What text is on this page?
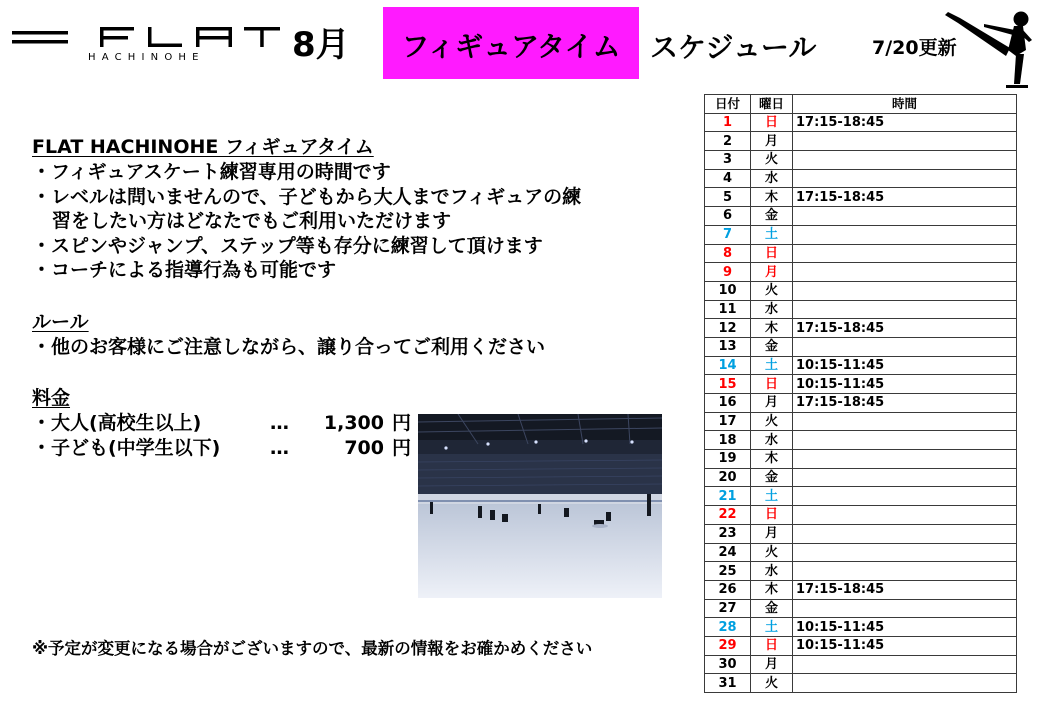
HACHINOHE	8月	フィギュアタイム	スケジュール	7/20更新
FLAT HACHINOHE フィギュアタイム
・フィギュアスケート練習専用の時間です
・レベルは問いませんので、子どもから大人までフィギュアの練
習をしたい方はどなたでもご利用いただけます
・スピンやジャンプ、ステップ等も存分に練習して頂けます
・コーチによる指導行為も可能です
ルール
・他のお客様にご注意しながら、譲り合ってご利用ください
料金
・大人(高校生以上)	…	1,300 円
・子ども(中学生以下)	…	700 円
※予定が変更になる場合がございますので、最新の情報をお確かめください
日付	曜日	時間
1	日	17:15-18:45
2	月	
3	火	
4	水	
5	木	17:15-18:45
6	金	
7	土	
8	日	
9	月	
10	火	
11	水	
12	木	17:15-18:45
13	金	
14	土	10:15-11:45
15	日	10:15-11:45
16	月	17:15-18:45
17	火	
18	水	
19	木	
20	金	
21	土	
22	日	
23	月	
24	火	
25	水	
26	木	17:15-18:45
27	金	
28	土	10:15-11:45
29	日	10:15-11:45
30	月	
31	火	
